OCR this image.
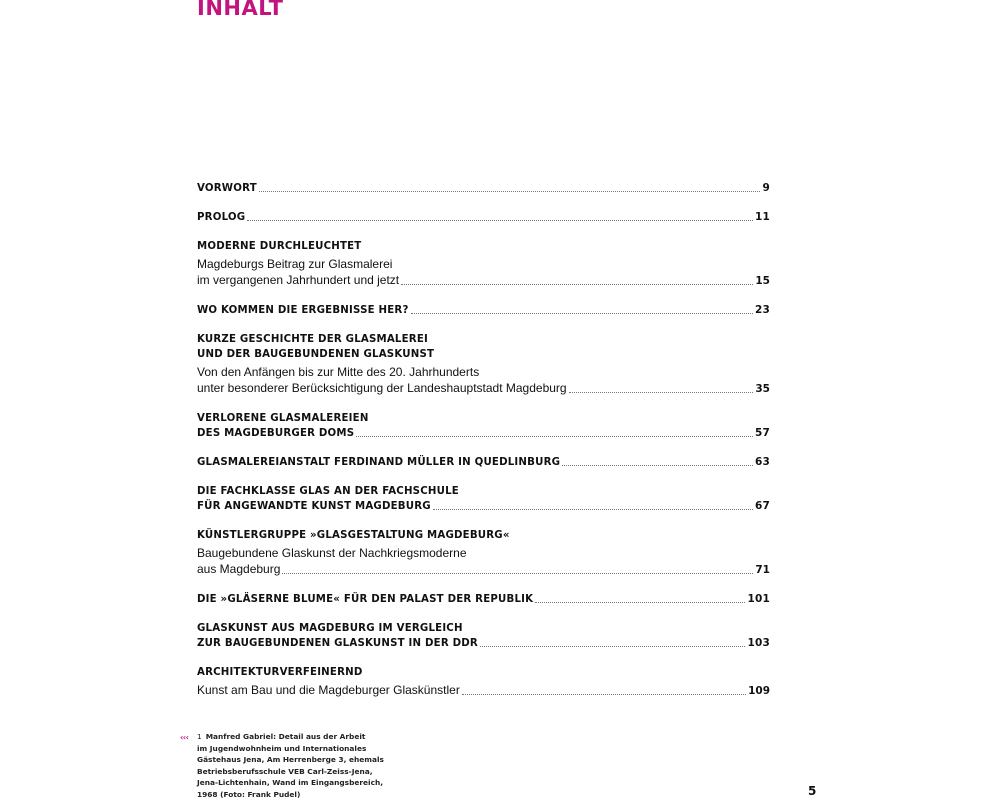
INHALT
VORWORT	9
PROLOG	11
MODERNE DURCHLEUCHTET
Magdeburgs Beitrag zur Glasmalerei
im vergangenen Jahrhundert und jetzt	15
WO KOMMEN DIE ERGEBNISSE HER?	23
KURZE GESCHICHTE DER GLASMALEREI
UND DER BAUGEBUNDENEN GLASKUNST
Von den Anfängen bis zur Mitte des 20. Jahrhunderts
unter besonderer Berücksichtigung der Landeshauptstadt Magdeburg	35
VERLORENE GLASMALEREIEN
DES MAGDEBURGER DOMS	57
GLASMALEREIANSTALT FERDINAND MÜLLER IN QUEDLINBURG	63
DIE FACHKLASSE GLAS AN DER FACHSCHULE
FÜR ANGEWANDTE KUNST MAGDEBURG	67
KÜNSTLERGRUPPE »GLASGESTALTUNG MAGDEBURG«
Baugebundene Glaskunst der Nachkriegsmoderne
aus Magdeburg	71
DIE »GLÄSERNE BLUME« FÜR DEN PALAST DER REPUBLIK	101
GLASKUNST AUS MAGDEBURG IM VERGLEICH
ZUR BAUGEBUNDENEN GLASKUNST IN DER DDR	103
ARCHITEKTURVERFEINERND
Kunst am Bau und die Magdeburger Glaskünstler	109
‹‹‹ 1 Manfred Gabriel: Detail aus der Arbeit
im Jugendwohnheim und Internationales
Gästehaus Jena, Am Herrenberge 3, ehemals
Betriebsberufsschule VEB Carl-Zeiss-Jena,
Jena-Lichtenhain, Wand im Eingangsbereich,
1968 (Foto: Frank Pudel)	5
